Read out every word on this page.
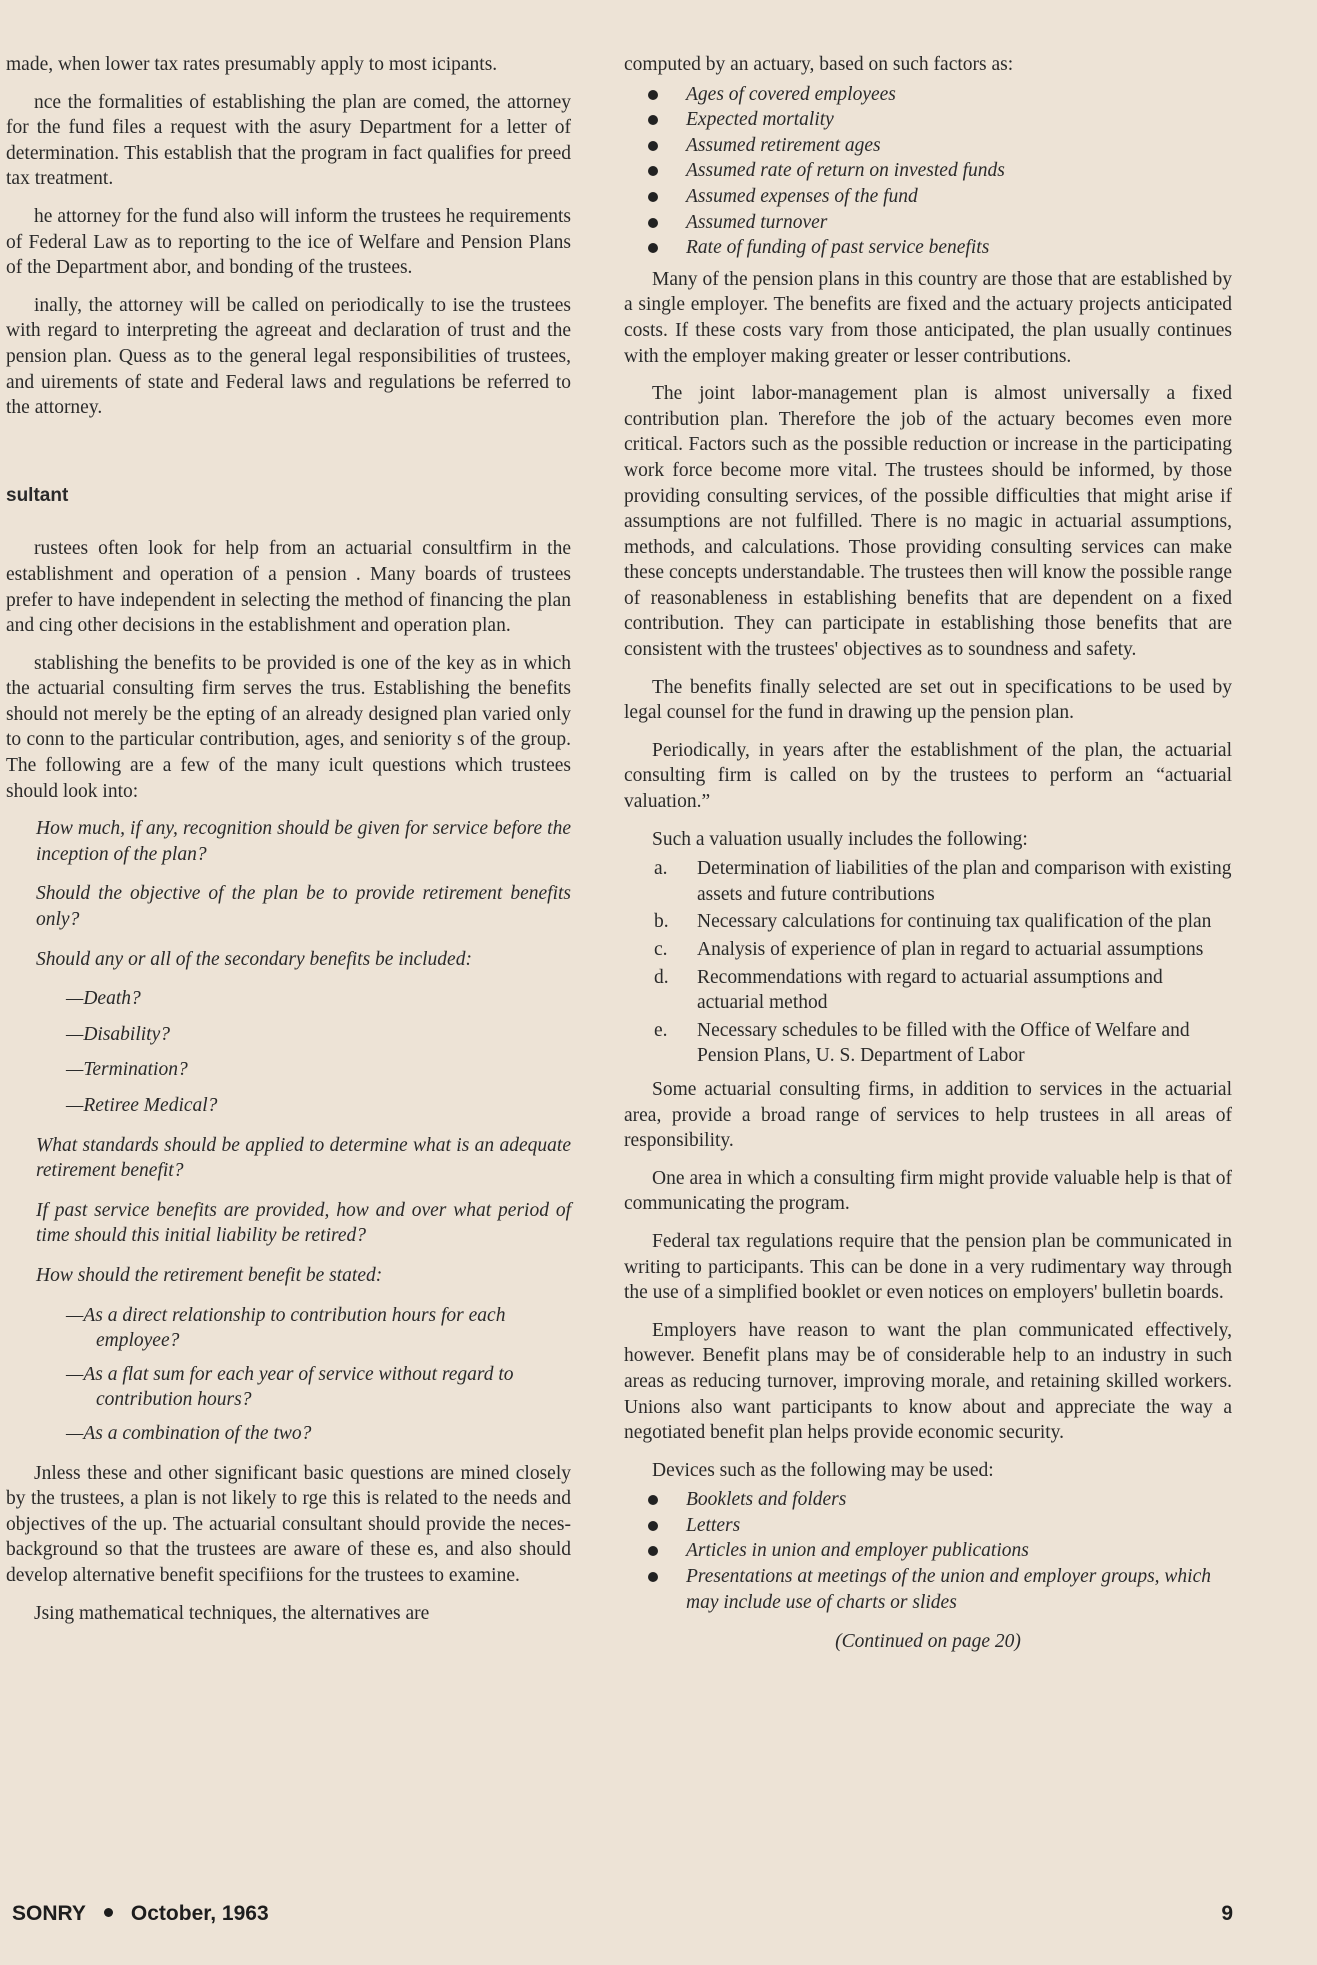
made, when lower tax rates presumably apply to most icipants.

nce the formalities of establishing the plan are comed, the attorney for the fund files a request with the asury Department for a letter of determination. This establish that the program in fact qualifies for preed tax treatment.

he attorney for the fund also will inform the trustees he requirements of Federal Law as to reporting to the ice of Welfare and Pension Plans of the Department abor, and bonding of the trustees.

inally, the attorney will be called on periodically to ise the trustees with regard to interpreting the agreeat and declaration of trust and the pension plan. Quess as to the general legal responsibilities of trustees, and uirements of state and Federal laws and regulations be referred to the attorney.

sultant

rustees often look for help from an actuarial consultfirm in the establishment and operation of a pension . Many boards of trustees prefer to have independent in selecting the method of financing the plan and cing other decisions in the establishment and operation plan.

stablishing the benefits to be provided is one of the key as in which the actuarial consulting firm serves the trus. Establishing the benefits should not merely be the epting of an already designed plan varied only to conn to the particular contribution, ages, and seniority s of the group. The following are a few of the many icult questions which trustees should look into:

How much, if any, recognition should be given for service before the inception of the plan?

Should the objective of the plan be to provide retirement benefits only?

Should any or all of the secondary benefits be included:

—Death?
—Disability?
—Termination?
—Retiree Medical?

What standards should be applied to determine what is an adequate retirement benefit?

If past service benefits are provided, how and over what period of time should this initial liability be retired?

How should the retirement benefit be stated:

—As a direct relationship to contribution hours for each employee?
—As a flat sum for each year of service without regard to contribution hours?
—As a combination of the two?

Jnless these and other significant basic questions are mined closely by the trustees, a plan is not likely to rge this is related to the needs and objectives of the up. The actuarial consultant should provide the neces- background so that the trustees are aware of these es, and also should develop alternative benefit specifiions for the trustees to examine.

Jsing mathematical techniques, the alternatives are

computed by an actuary, based on such factors as:
Ages of covered employees
Expected mortality
Assumed retirement ages
Assumed rate of return on invested funds
Assumed expenses of the fund
Assumed turnover
Rate of funding of past service benefits

Many of the pension plans in this country are those that are established by a single employer. The benefits are fixed and the actuary projects anticipated costs. If these costs vary from those anticipated, the plan usually continues with the employer making greater or lesser contributions.

The joint labor-management plan is almost universally a fixed contribution plan. Therefore the job of the actuary becomes even more critical. Factors such as the possible reduction or increase in the participating work force become more vital. The trustees should be informed, by those providing consulting services, of the possible difficulties that might arise if assumptions are not fulfilled. There is no magic in actuarial assumptions, methods, and calculations. Those providing consulting services can make these concepts understandable. The trustees then will know the possible range of reasonableness in establishing benefits that are dependent on a fixed contribution. They can participate in establishing those benefits that are consistent with the trustees' objectives as to soundness and safety.

The benefits finally selected are set out in specifications to be used by legal counsel for the fund in drawing up the pension plan.

Periodically, in years after the establishment of the plan, the actuarial consulting firm is called on by the trustees to perform an “actuarial valuation.”

Such a valuation usually includes the following:

a. Determination of liabilities of the plan and comparison with existing assets and future contributions
b. Necessary calculations for continuing tax qualification of the plan
c. Analysis of experience of plan in regard to actuarial assumptions
d. Recommendations with regard to actuarial assumptions and actuarial method
e. Necessary schedules to be filled with the Office of Welfare and Pension Plans, U. S. Department of Labor

Some actuarial consulting firms, in addition to services in the actuarial area, provide a broad range of services to help trustees in all areas of responsibility.

One area in which a consulting firm might provide valuable help is that of communicating the program.

Federal tax regulations require that the pension plan be communicated in writing to participants. This can be done in a very rudimentary way through the use of a simplified booklet or even notices on employers' bulletin boards.

Employers have reason to want the plan communicated effectively, however. Benefit plans may be of considerable help to an industry in such areas as reducing turnover, improving morale, and retaining skilled workers. Unions also want participants to know about and appreciate the way a negotiated benefit plan helps provide economic security.

Devices such as the following may be used:

Booklets and folders
Letters
Articles in union and employer publications
Presentations at meetings of the union and employer groups, which may include use of charts or slides

(Continued on page 20)

SONRY October, 1963	9
